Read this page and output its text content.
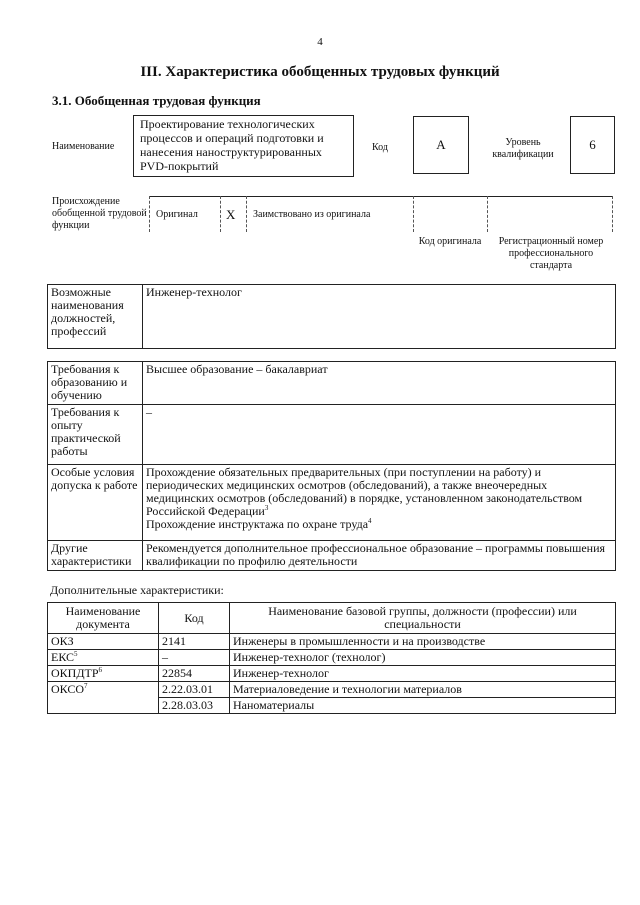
4
III. Характеристика обобщенных трудовых функций
3.1. Обобщенная трудовая функция
Наименование
Проектирование технологических процессов и операций подготовки и нанесения наноструктурированных PVD-покрытий
Код	A	Уровень квалификации
6
Происхождение обобщенной трудовой функции
Оригинал X Заимствовано из оригинала
Код оригинала	Регистрационный номер профессионального стандарта
Возможные наименования должностей, профессий	Инженер-технолог
Требования к образованию и обучению	Высшее образование – бакалавриат
Требования к опыту практической работы	–
Особые условия допуска к работе	Прохождение обязательных предварительных (при поступлении на работу) и периодических медицинских осмотров (обследований), а также внеочередных медицинских осмотров (обследований) в порядке, установленном законодательством Российской Федерации$^3$
Прохождение инструктажа по охране труда$^4$
Другие характеристики	Рекомендуется дополнительное профессиональное образование – программы повышения квалификации по профилю деятельности
Дополнительные характеристики:
Наименование документа	Код	Наименование базовой группы, должности (профессии) или специальности
ОКЗ	2141	Инженеры в промышленности и на производстве
ЕКС$^5$	–	Инженер-технолог (технолог)
ОКПДТР$^6$	22854	Инженер-технолог
ОКСО$^7$	2.22.03.01	Материаловедение и технологии материалов
	2.28.03.03	Наноматериалы
